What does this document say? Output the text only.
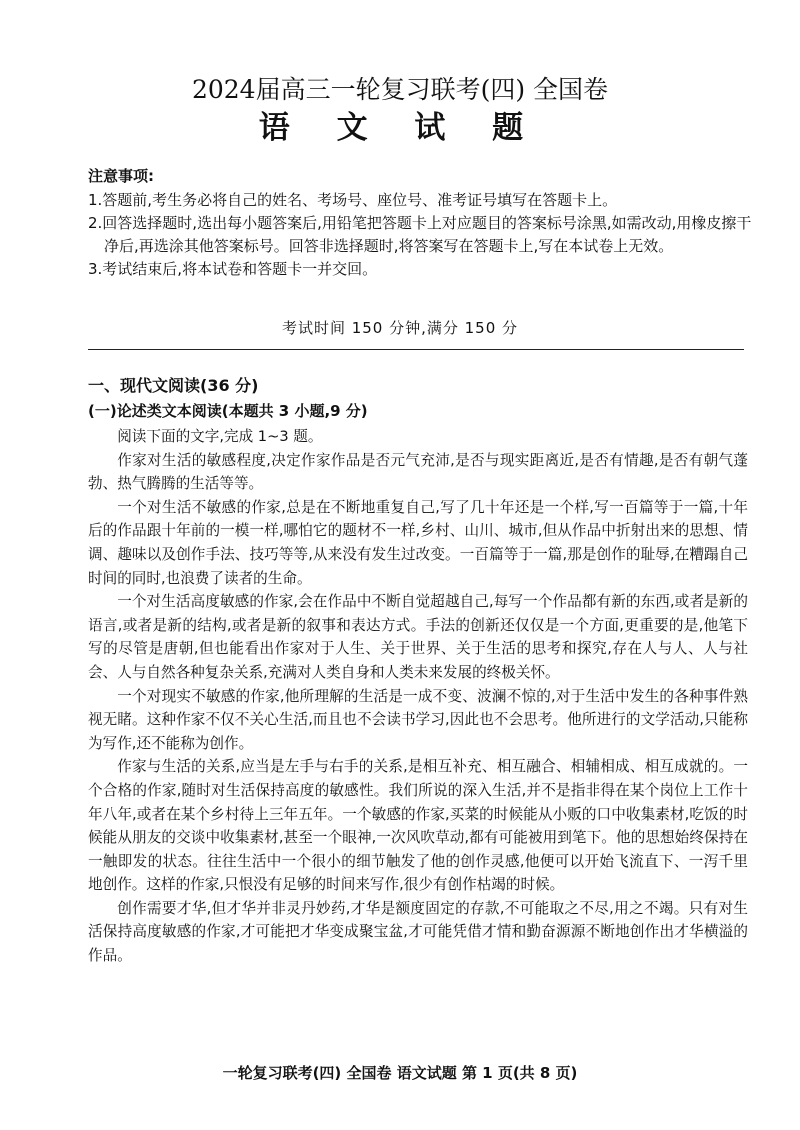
2024届高三一轮复习联考(四) 全国卷
语 文 试 题
注意事项:
1.答题前,考生务必将自己的姓名、考场号、座位号、准考证号填写在答题卡上。
2.回答选择题时,选出每小题答案后,用铅笔把答题卡上对应题目的答案标号涂黑,如需改动,用橡皮擦干净后,再选涂其他答案标号。回答非选择题时,将答案写在答题卡上,写在本试卷上无效。
3.考试结束后,将本试卷和答题卡一并交回。
考试时间 150 分钟,满分 150 分
一、现代文阅读(36 分)
(一)论述类文本阅读(本题共 3 小题,9 分)

阅读下面的文字,完成 1~3 题。

作家对生活的敏感程度,决定作家作品是否元气充沛,是否与现实距离近,是否有情趣,是否有朝气蓬勃、热气腾腾的生活等等。

一个对生活不敏感的作家,总是在不断地重复自己,写了几十年还是一个样,写一百篇等于一篇,十年后的作品跟十年前的一模一样,哪怕它的题材不一样,乡村、山川、城市,但从作品中折射出来的思想、情调、趣味以及创作手法、技巧等等,从来没有发生过改变。一百篇等于一篇,那是创作的耻辱,在糟蹋自己时间的同时,也浪费了读者的生命。

一个对生活高度敏感的作家,会在作品中不断自觉超越自己,每写一个作品都有新的东西,或者是新的语言,或者是新的结构,或者是新的叙事和表达方式。手法的创新还仅仅是一个方面,更重要的是,他笔下写的尽管是唐朝,但也能看出作家对于人生、关于世界、关于生活的思考和探究,存在人与人、人与社会、人与自然各种复杂关系,充满对人类自身和人类未来发展的终极关怀。

一个对现实不敏感的作家,他所理解的生活是一成不变、波澜不惊的,对于生活中发生的各种事件熟视无睹。这种作家不仅不关心生活,而且也不会读书学习,因此也不会思考。他所进行的文学活动,只能称为写作,还不能称为创作。

作家与生活的关系,应当是左手与右手的关系,是相互补充、相互融合、相辅相成、相互成就的。一个合格的作家,随时对生活保持高度的敏感性。我们所说的深入生活,并不是指非得在某个岗位上工作十年八年,或者在某个乡村待上三年五年。一个敏感的作家,买菜的时候能从小贩的口中收集素材,吃饭的时候能从朋友的交谈中收集素材,甚至一个眼神,一次风吹草动,都有可能被用到笔下。他的思想始终保持在一触即发的状态。往往生活中一个很小的细节触发了他的创作灵感,他便可以开始飞流直下、一泻千里地创作。这样的作家,只恨没有足够的时间来写作,很少有创作枯竭的时候。

创作需要才华,但才华并非灵丹妙药,才华是额度固定的存款,不可能取之不尽,用之不竭。只有对生活保持高度敏感的作家,才可能把才华变成聚宝盆,才可能凭借才情和勤奋源源不断地创作出才华横溢的作品。

一轮复习联考(四) 全国卷 语文试题 第 1 页(共 8 页)
